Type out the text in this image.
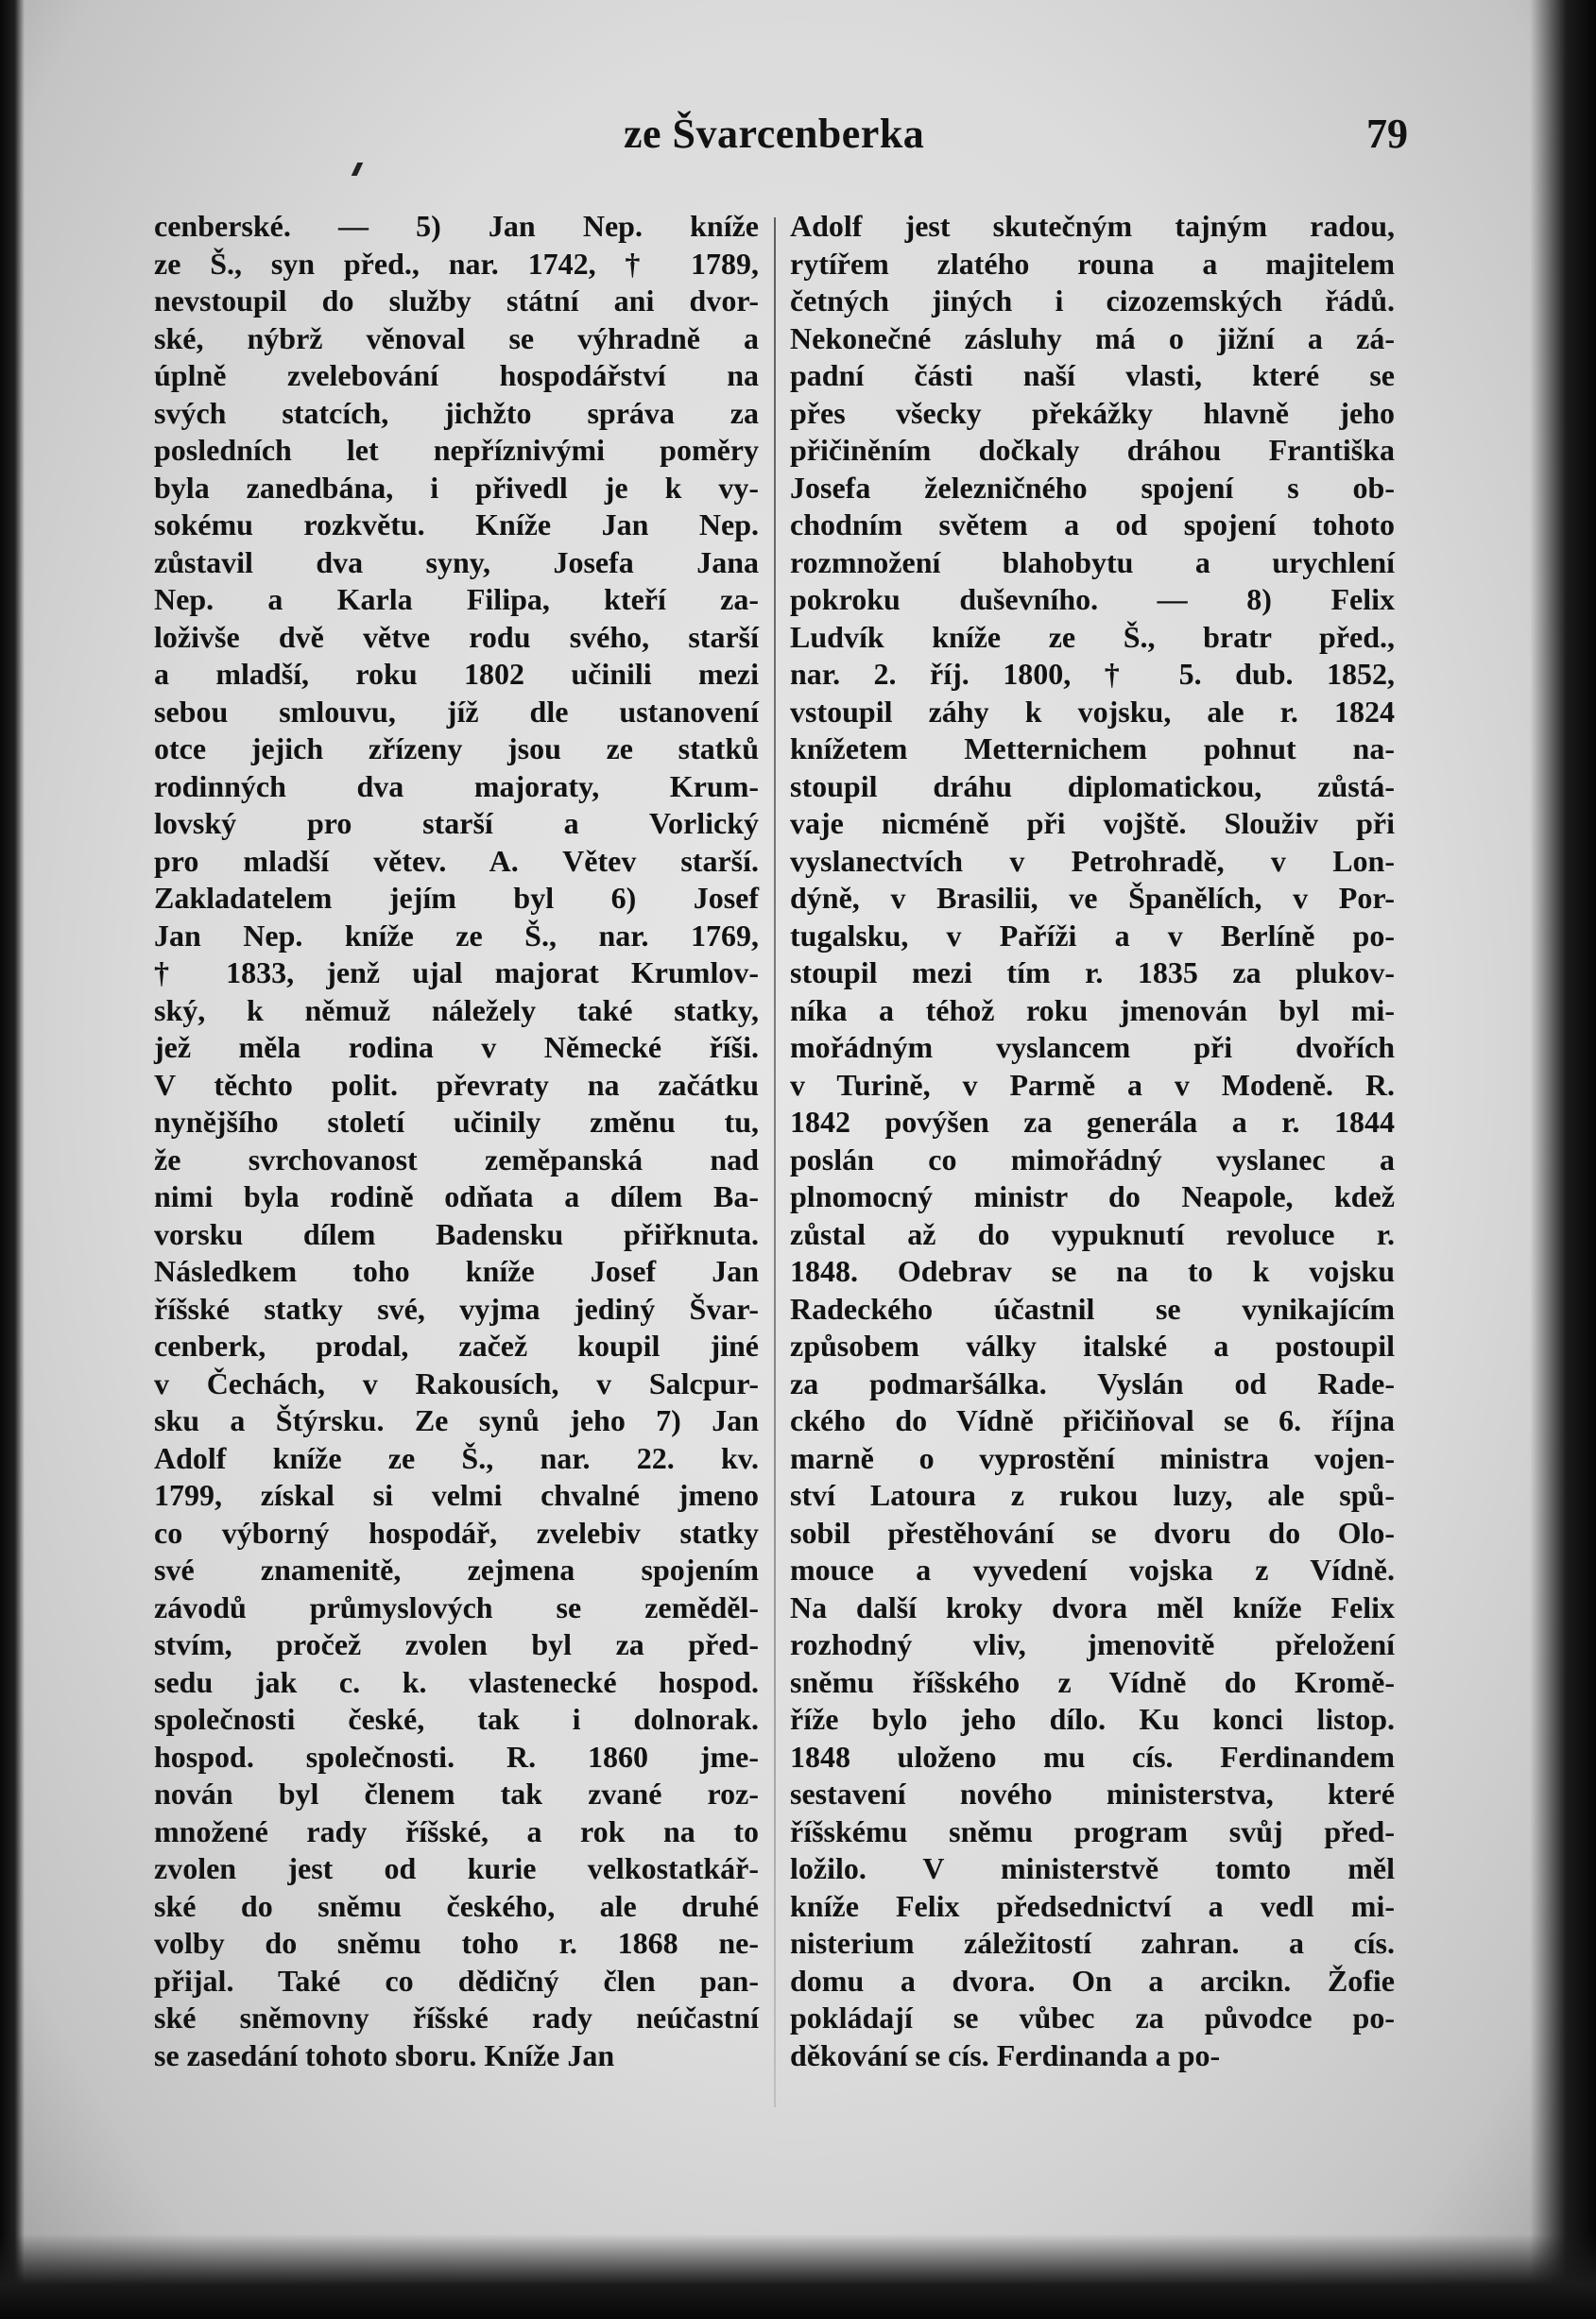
ze Švarcenberka	79
cenberské. — 5) Jan Nep. kníže
ze Š., syn před., nar. 1742, † 1789,
nevstoupil do služby státní ani dvor-
ské, nýbrž věnoval se výhradně a
úplně zvelebování hospodářství na
svých statcích, jichžto správa za
posledních let nepříznivými poměry
byla zanedbána, i přivedl je k vy-
sokému rozkvětu. Kníže Jan Nep.
zůstavil dva syny, Josefa Jana
Nep. a Karla Filipa, kteří za-
loživše dvě větve rodu svého, starší
a mladší, roku 1802 učinili mezi
sebou smlouvu, jíž dle ustanovení
otce jejich zřízeny jsou ze statků
rodinných dva majoraty, Krum-
lovský pro starší a Vorlický
pro mladší větev. A. Větev starší.
Zakladatelem jejím byl 6) Josef
Jan Nep. kníže ze Š., nar. 1769,
† 1833, jenž ujal majorat Krumlov-
ský, k němuž náležely také statky,
jež měla rodina v Německé říši.
V těchto polit. převraty na začátku
nynějšího století učinily změnu tu,
že svrchovanost zeměpanská nad
nimi byla rodině odňata a dílem Ba-
vorsku dílem Badensku přiřknuta.
Následkem toho kníže Josef Jan
říšské statky své, vyjma jediný Švar-
cenberk, prodal, začež koupil jiné
v Čechách, v Rakousích, v Salcpur-
sku a Štýrsku. Ze synů jeho 7) Jan
Adolf kníže ze Š., nar. 22. kv.
1799, získal si velmi chvalné jmeno
co výborný hospodář, zvelebiv statky
své znamenitě, zejmena spojením
závodů průmyslových se zeměděl-
stvím, pročež zvolen byl za před-
sedu jak c. k. vlastenecké hospod.
společnosti české, tak i dolnorak.
hospod. společnosti. R. 1860 jme-
nován byl členem tak zvané roz-
množené rady říšské, a rok na to
zvolen jest od kurie velkostatkář-
ské do sněmu českého, ale druhé
volby do sněmu toho r. 1868 ne-
přijal. Také co dědičný člen pan-
ské sněmovny říšské rady neúčastní
se zasedání tohoto sboru. Kníže Jan
Adolf jest skutečným tajným radou,
rytířem zlatého rouna a majitelem
četných jiných i cizozemských řádů.
Nekonečné zásluhy má o jižní a zá-
padní části naší vlasti, které se
přes všecky překážky hlavně jeho
přičiněním dočkaly dráhou Františka
Josefa železničného spojení s ob-
chodním světem a od spojení tohoto
rozmnožení blahobytu a urychlení
pokroku duševního. — 8) Felix
Ludvík kníže ze Š., bratr před.,
nar. 2. říj. 1800, † 5. dub. 1852,
vstoupil záhy k vojsku, ale r. 1824
knížetem Metternichem pohnut na-
stoupil dráhu diplomatickou, zůstá-
vaje nicméně při vojště. Slouživ při
vyslanectvích v Petrohradě, v Lon-
dýně, v Brasilii, ve Španělích, v Por-
tugalsku, v Paříži a v Berlíně po-
stoupil mezi tím r. 1835 za plukov-
níka a téhož roku jmenován byl mi-
mořádným vyslancem při dvořích
v Turině, v Parmě a v Modeně. R.
1842 povýšen za generála a r. 1844
poslán co mimořádný vyslanec a
plnomocný ministr do Neapole, kdež
zůstal až do vypuknutí revoluce r.
1848. Odebrav se na to k vojsku
Radeckého účastnil se vynikajícím
způsobem války italské a postoupil
za podmaršálka. Vyslán od Rade-
ckého do Vídně přičiňoval se 6. října
marně o vyprostění ministra vojen-
ství Latoura z rukou luzy, ale spů-
sobil přestěhování se dvoru do Olo-
mouce a vyvedení vojska z Vídně.
Na další kroky dvora měl kníže Felix
rozhodný vliv, jmenovitě přeložení
sněmu říšského z Vídně do Kromě-
říže bylo jeho dílo. Ku konci listop.
1848 uloženo mu cís. Ferdinandem
sestavení nového ministerstva, které
říšskému sněmu program svůj před-
ložilo. V ministerstvě tomto měl
kníže Felix předsednictví a vedl mi-
nisterium záležitostí zahran. a cís.
domu a dvora. On a arcikn. Žofie
pokládají se vůbec za původce po-
děkování se cís. Ferdinanda a po-
